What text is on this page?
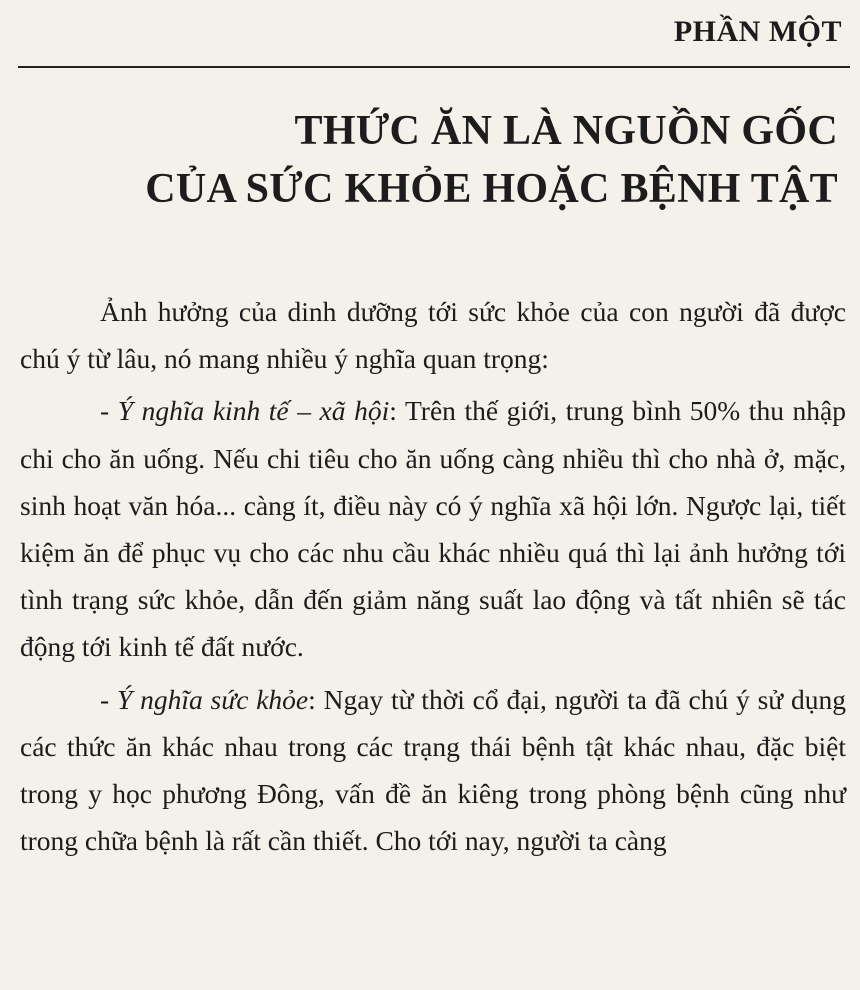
PHẦN MỘT
THỨC ĂN LÀ NGUỒN GỐC
CỦA SỨC KHỎE HOẶC BỆNH TẬT

Ảnh hưởng của dinh dưỡng tới sức khỏe của con người đã được chú ý từ lâu, nó mang nhiều ý nghĩa quan trọng:

- Ý nghĩa kinh tế – xã hội: Trên thế giới, trung bình 50% thu nhập chi cho ăn uống. Nếu chi tiêu cho ăn uống càng nhiều thì cho nhà ở, mặc, sinh hoạt văn hóa... càng ít, điều này có ý nghĩa xã hội lớn. Ngược lại, tiết kiệm ăn để phục vụ cho các nhu cầu khác nhiều quá thì lại ảnh hưởng tới tình trạng sức khỏe, dẫn đến giảm năng suất lao động và tất nhiên sẽ tác động tới kinh tế đất nước.

- Ý nghĩa sức khỏe: Ngay từ thời cổ đại, người ta đã chú ý sử dụng các thức ăn khác nhau trong các trạng thái bệnh tật khác nhau, đặc biệt trong y học phương Đông, vấn đề ăn kiêng trong phòng bệnh cũng như trong chữa bệnh là rất cần thiết. Cho tới nay, người ta càng
